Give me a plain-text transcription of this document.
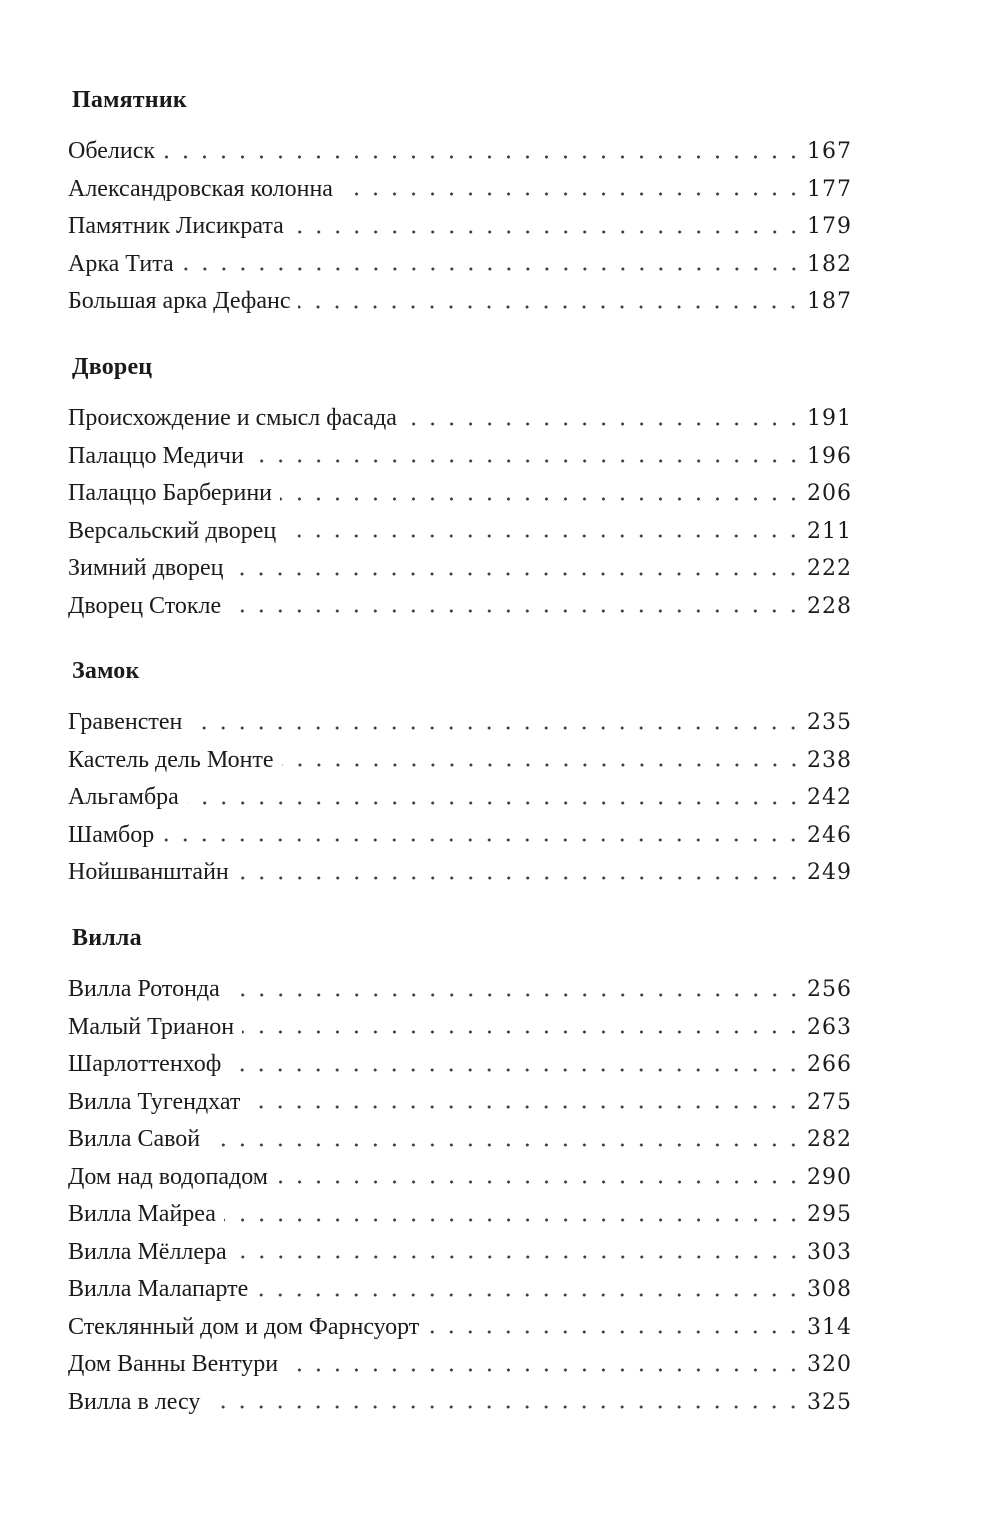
Памятник
Обелиск	167
Александровская колонна	177
Памятник Лисикрата	179
Арка Тита	182
Большая арка Дефанс	187
Дворец
Происхождение и смысл фасада	191
Палаццо Медичи	196
Палаццо Барберини	206
Версальский дворец	211
Зимний дворец	222
Дворец Стокле	228
Замок
Гравенстен	235
Кастель дель Монте	238
Альгамбра	242
Шамбор	246
Нойшванштайн	249
Вилла
Вилла Ротонда	256
Малый Трианон	263
Шарлоттенхоф	266
Вилла Тугендхат	275
Вилла Савой	282
Дом над водопадом	290
Вилла Майреа	295
Вилла Мёллера	303
Вилла Малапарте	308
Стеклянный дом и дом Фарнсуорт	314
Дом Ванны Вентури	320
Вилла в лесу	325
